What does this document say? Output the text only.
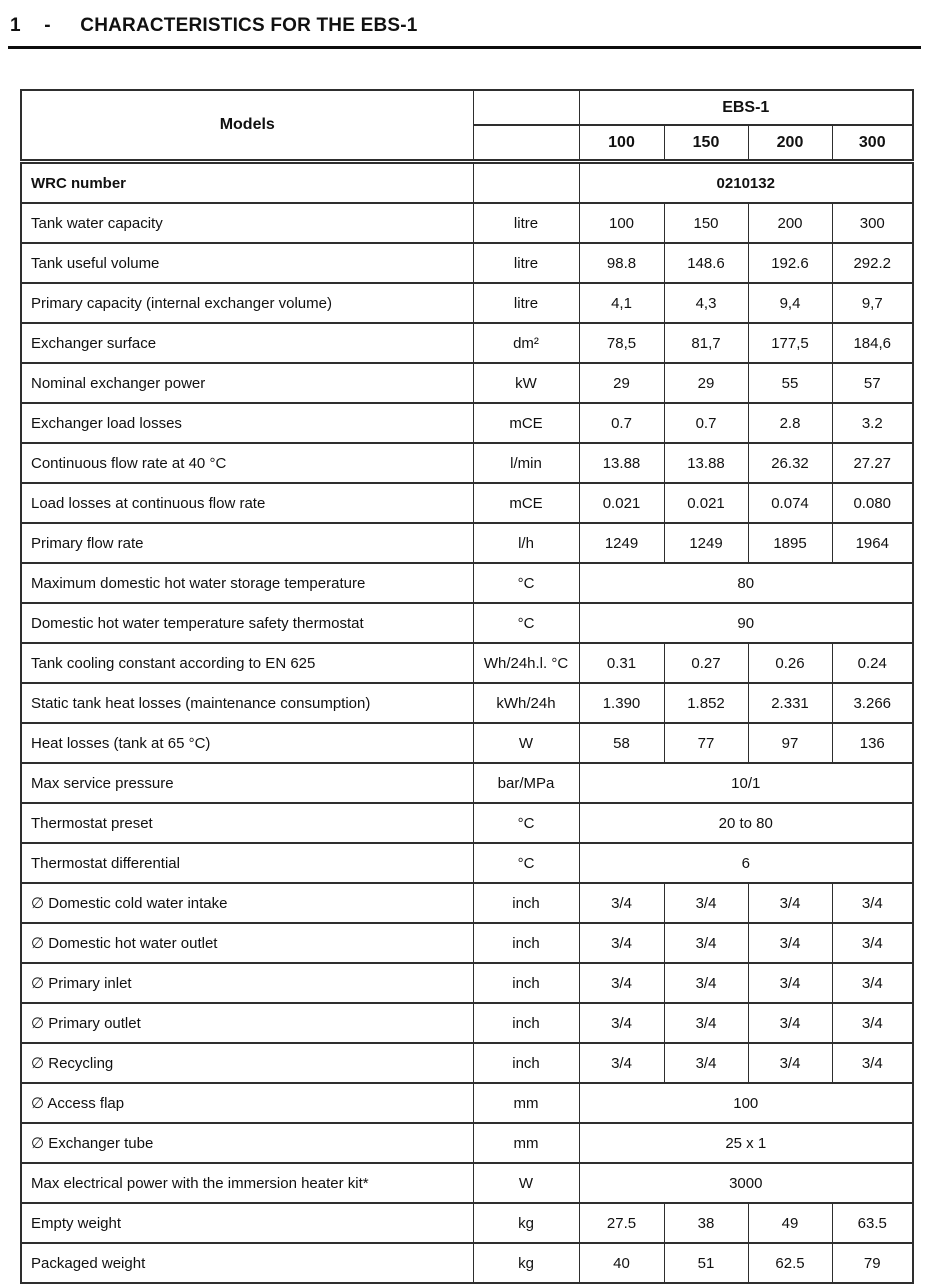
1 - CHARACTERISTICS FOR THE EBS-1
Models		EBS-1			
		100	150	200	300
WRC number		0210132			
Tank water capacity	litre	100	150	200	300
Tank useful volume	litre	98.8	148.6	192.6	292.2
Primary capacity (internal exchanger volume)	litre	4,1	4,3	9,4	9,7
Exchanger surface	dm²	78,5	81,7	177,5	184,6
Nominal exchanger power	kW	29	29	55	57
Exchanger load losses	mCE	0.7	0.7	2.8	3.2
Continuous flow rate at 40 °C	l/min	13.88	13.88	26.32	27.27
Load losses at continuous flow rate	mCE	0.021	0.021	0.074	0.080
Primary flow rate	l/h	1249	1249	1895	1964
Maximum domestic hot water storage temperature	°C	80			
Domestic hot water temperature safety thermostat	°C	90			
Tank cooling constant according to EN 625	Wh/24h.l. °C	0.31	0.27	0.26	0.24
Static tank heat losses (maintenance consumption)	kWh/24h	1.390	1.852	2.331	3.266
Heat losses (tank at 65 °C)	W	58	77	97	136
Max service pressure	bar/MPa	10/1			
Thermostat preset	°C	20 to 80			
Thermostat differential	°C	6			
∅ Domestic cold water intake	inch	3/4	3/4	3/4	3/4
∅ Domestic hot water outlet	inch	3/4	3/4	3/4	3/4
∅ Primary inlet	inch	3/4	3/4	3/4	3/4
∅ Primary outlet	inch	3/4	3/4	3/4	3/4
∅ Recycling	inch	3/4	3/4	3/4	3/4
∅ Access flap	mm	100			
∅ Exchanger tube	mm	25 x 1			
Max electrical power with the immersion heater kit*	W	3000			
Empty weight	kg	27.5	38	49	63.5
Packaged weight	kg	40	51	62.5	79
